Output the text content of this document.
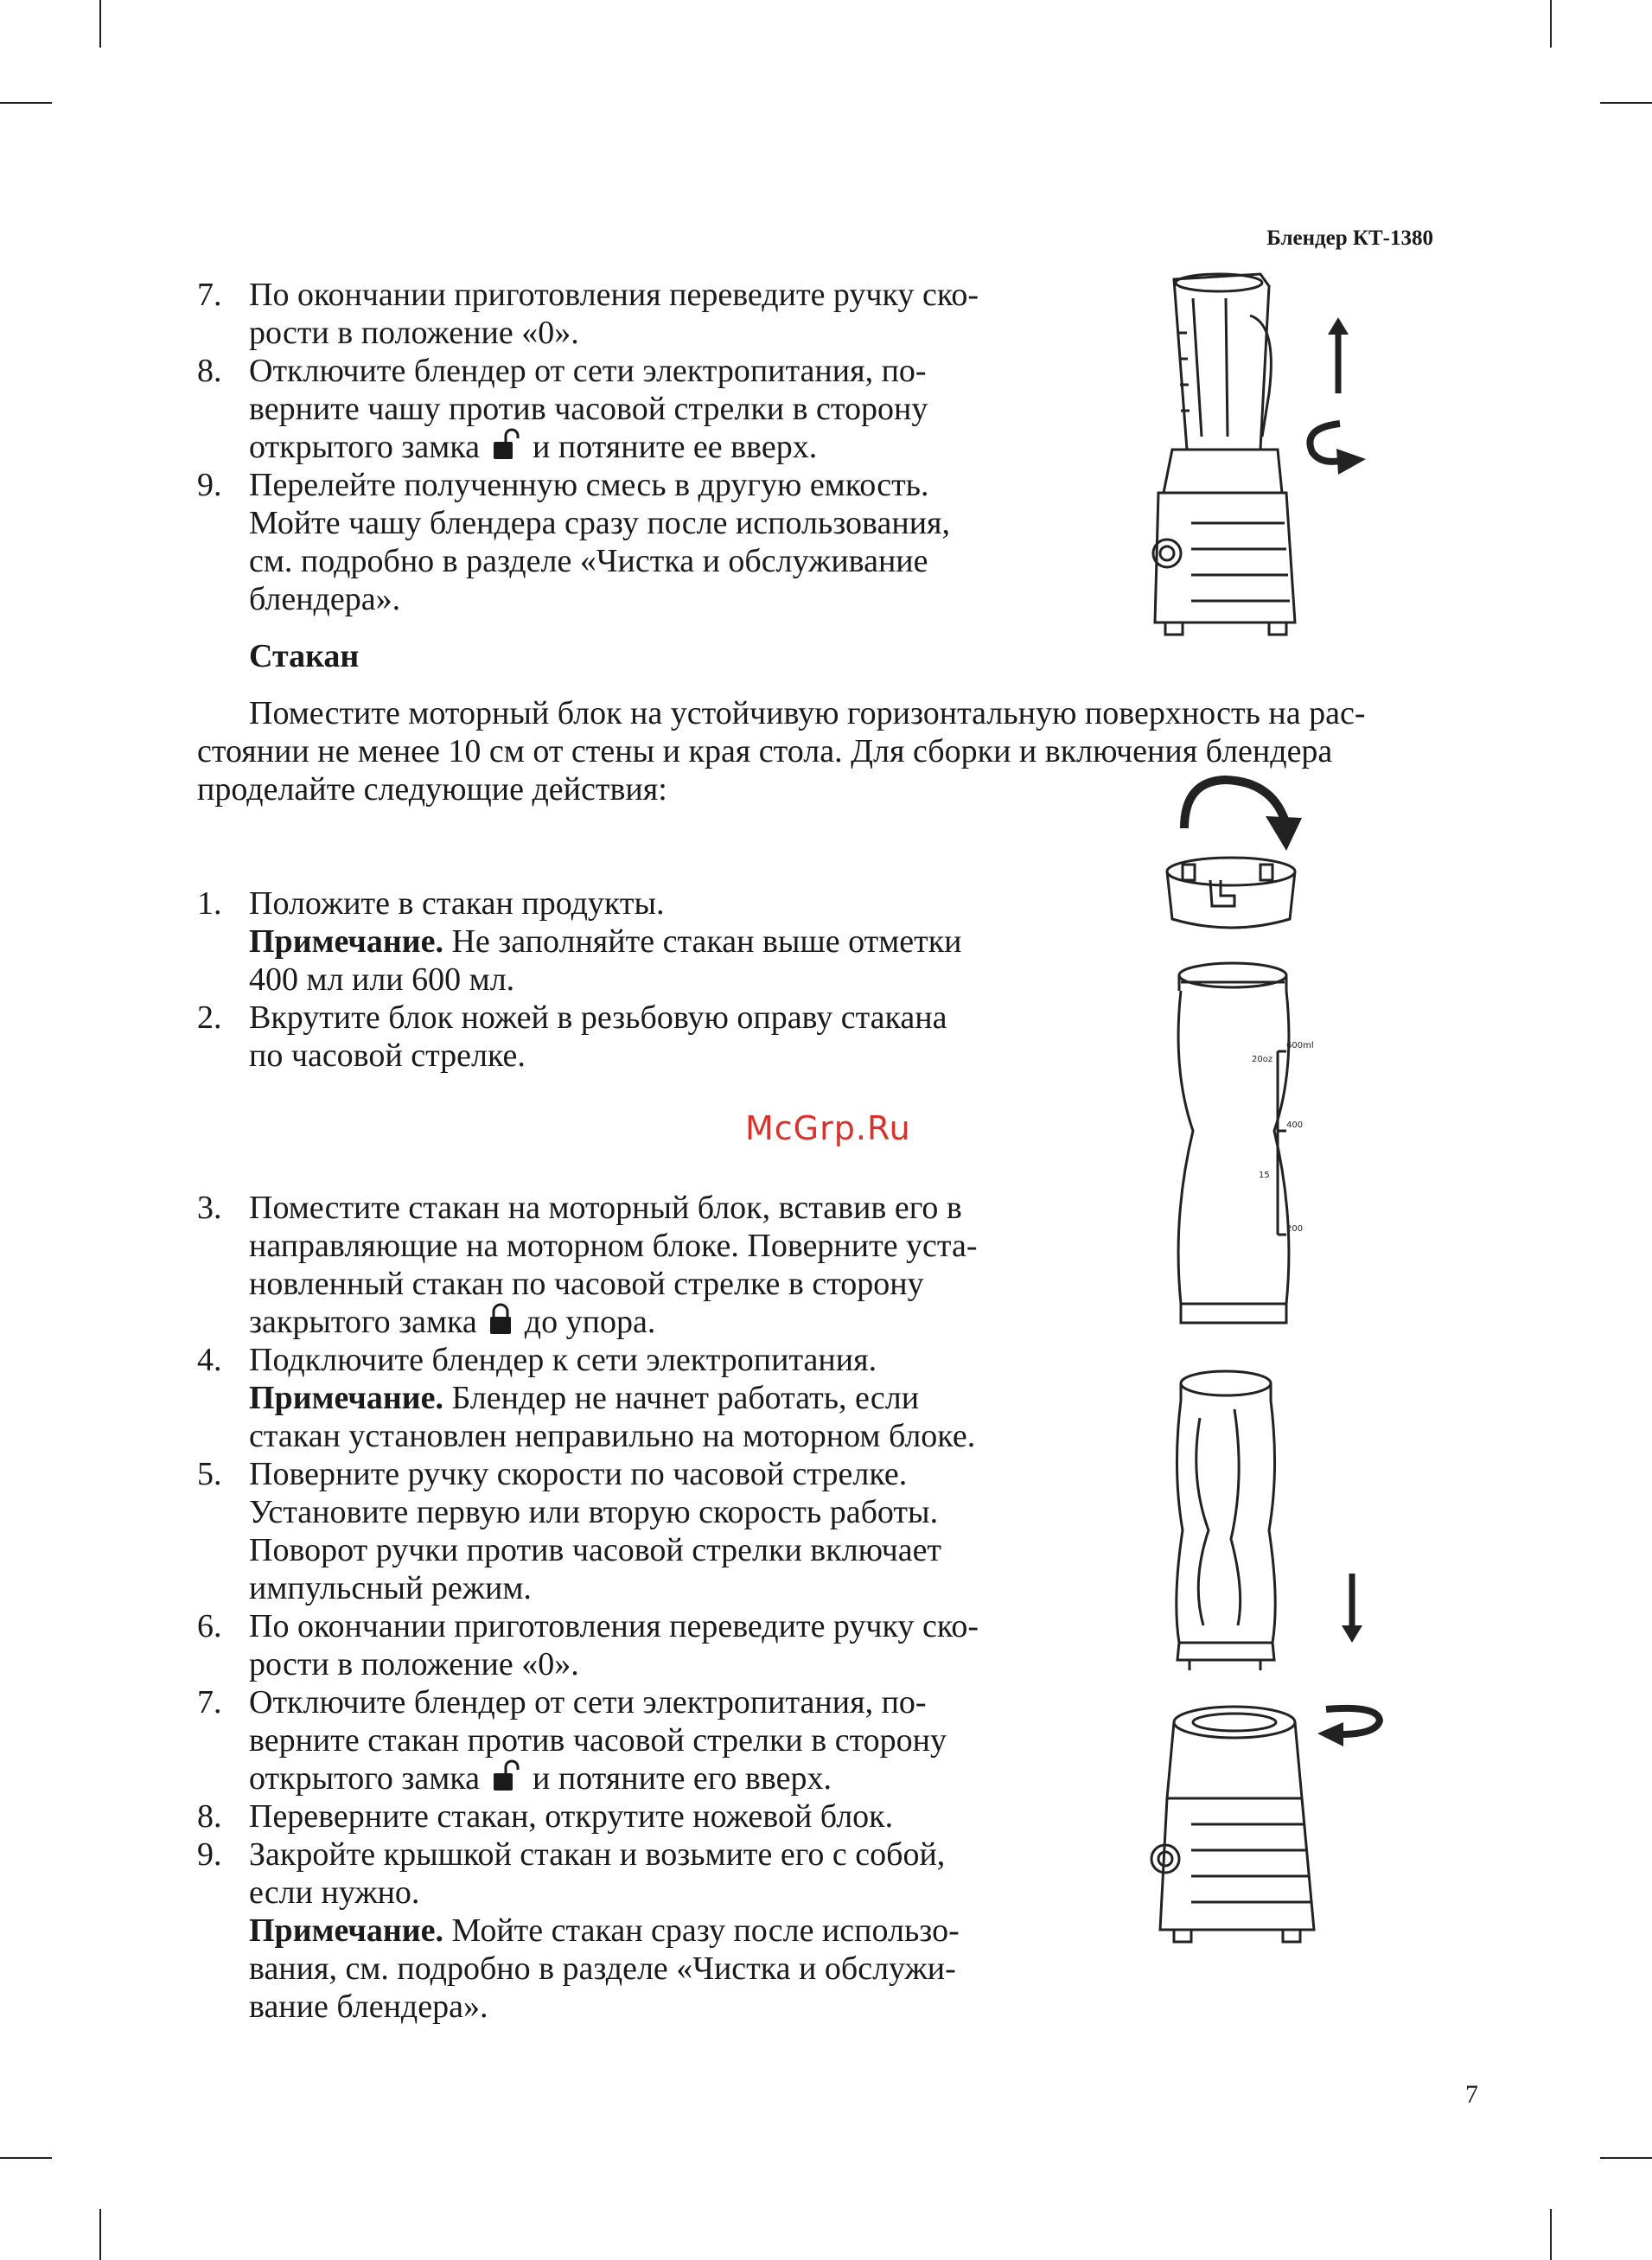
Блендер КТ-1380
7. По окончании приготовления переведите ручку ско-
рости в положение «0».
8. Отключите блендер от сети электропитания, по-
верните чашу против часовой стрелки в сторону
открытого замка и потяните ее вверх.
9. Перелейте полученную смесь в другую емкость.
Мойте чашу блендера сразу после использования,
см. подробно в разделе «Чистка и обслуживание
блендера».
Стакан
Поместите моторный блок на устойчивую горизонтальную поверхность на рас-
стоянии не менее 10 см от стены и края стола. Для сборки и включения блендера
проделайте следующие действия:
1. Положите в стакан продукты.
Примечание. Не заполняйте стакан выше отметки
400 мл или 600 мл.
2. Вкрутите блок ножей в резьбовую оправу стакана
по часовой стрелке.
McGrp.Ru
3. Поместите стакан на моторный блок, вставив его в
направляющие на моторном блоке. Поверните уста-
новленный стакан по часовой стрелке в сторону
закрытого замка до упора.
4. Подключите блендер к сети электропитания.
Примечание. Блендер не начнет работать, если
стакан установлен неправильно на моторном блоке.
5. Поверните ручку скорости по часовой стрелке.
Установите первую или вторую скорость работы.
Поворот ручки против часовой стрелки включает
импульсный режим.
6. По окончании приготовления переведите ручку ско-
рости в положение «0».
7. Отключите блендер от сети электропитания, по-
верните стакан против часовой стрелки в сторону
открытого замка и потяните его вверх.
8. Переверните стакан, открутите ножевой блок.
9. Закройте крышкой стакан и возьмите его с собой,
если нужно.
Примечание. Мойте стакан сразу после использо-
вания, см. подробно в разделе «Чистка и обслужи-
вание блендера».
7
600ml
20oz
400
15
200
